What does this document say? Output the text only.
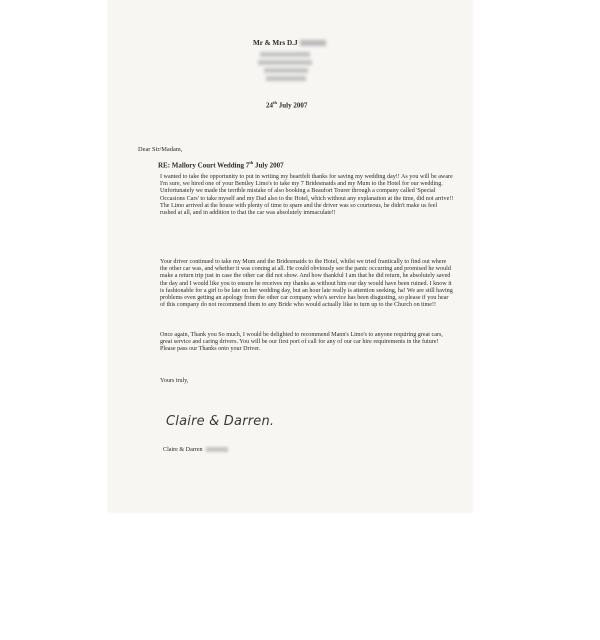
Mr & Mrs D.J
24th July 2007
Dear Sir/Madam,
RE: Mallory Court Wedding 7th July 2007

I wanted to take the opportunity to put in writing my heartfelt thanks for saving my wedding day!! As you will be aware I'm sure, we hired one of your Bentley Limo's to take my 7 Bridesmaids and my Mum to the Hotel for our wedding. Unfortunately we made the terrible mistake of also booking a Beaufort Tourer through a company called 'Special Occasions Cars' to take myself and my Dad also to the Hotel, which without any explanation at the time, did not arrive!! The Limo arrived at the house with plenty of time to spare and the driver was so courteous, he didn't make us feel rushed at all, and in addition to that the car was absolutely immaculate!!

Your driver continued to take my Mum and the Bridesmaids to the Hotel, whilst we tried frantically to find out where the other car was, and whether it was coming at all. He could obviously see the panic occurring and promised he would make a return trip just in case the other car did not show. And how thankful I am that he did return, he absolutely saved the day and I would like you to ensure he receives my thanks as without him our day would have been ruined. I know it is fashionable for a girl to be late on her wedding day, but an hour late really is attention seeking, ha! We are still having problems even getting an apology from the other car company who's service has been disgusting, so please if you hear of this company do not recommend them to any Bride who would actually like to turn up to the Church on time!!

Once again, Thank you So much, I would be delighted to recommend Mann's Limo's to anyone requiring great cars, great service and caring drivers. You will be our first port of call for any of our car hire requirements in the future! Please pass our Thanks onto your Driver.

Yours truly,
Claire & Darren.
Claire & Darren
